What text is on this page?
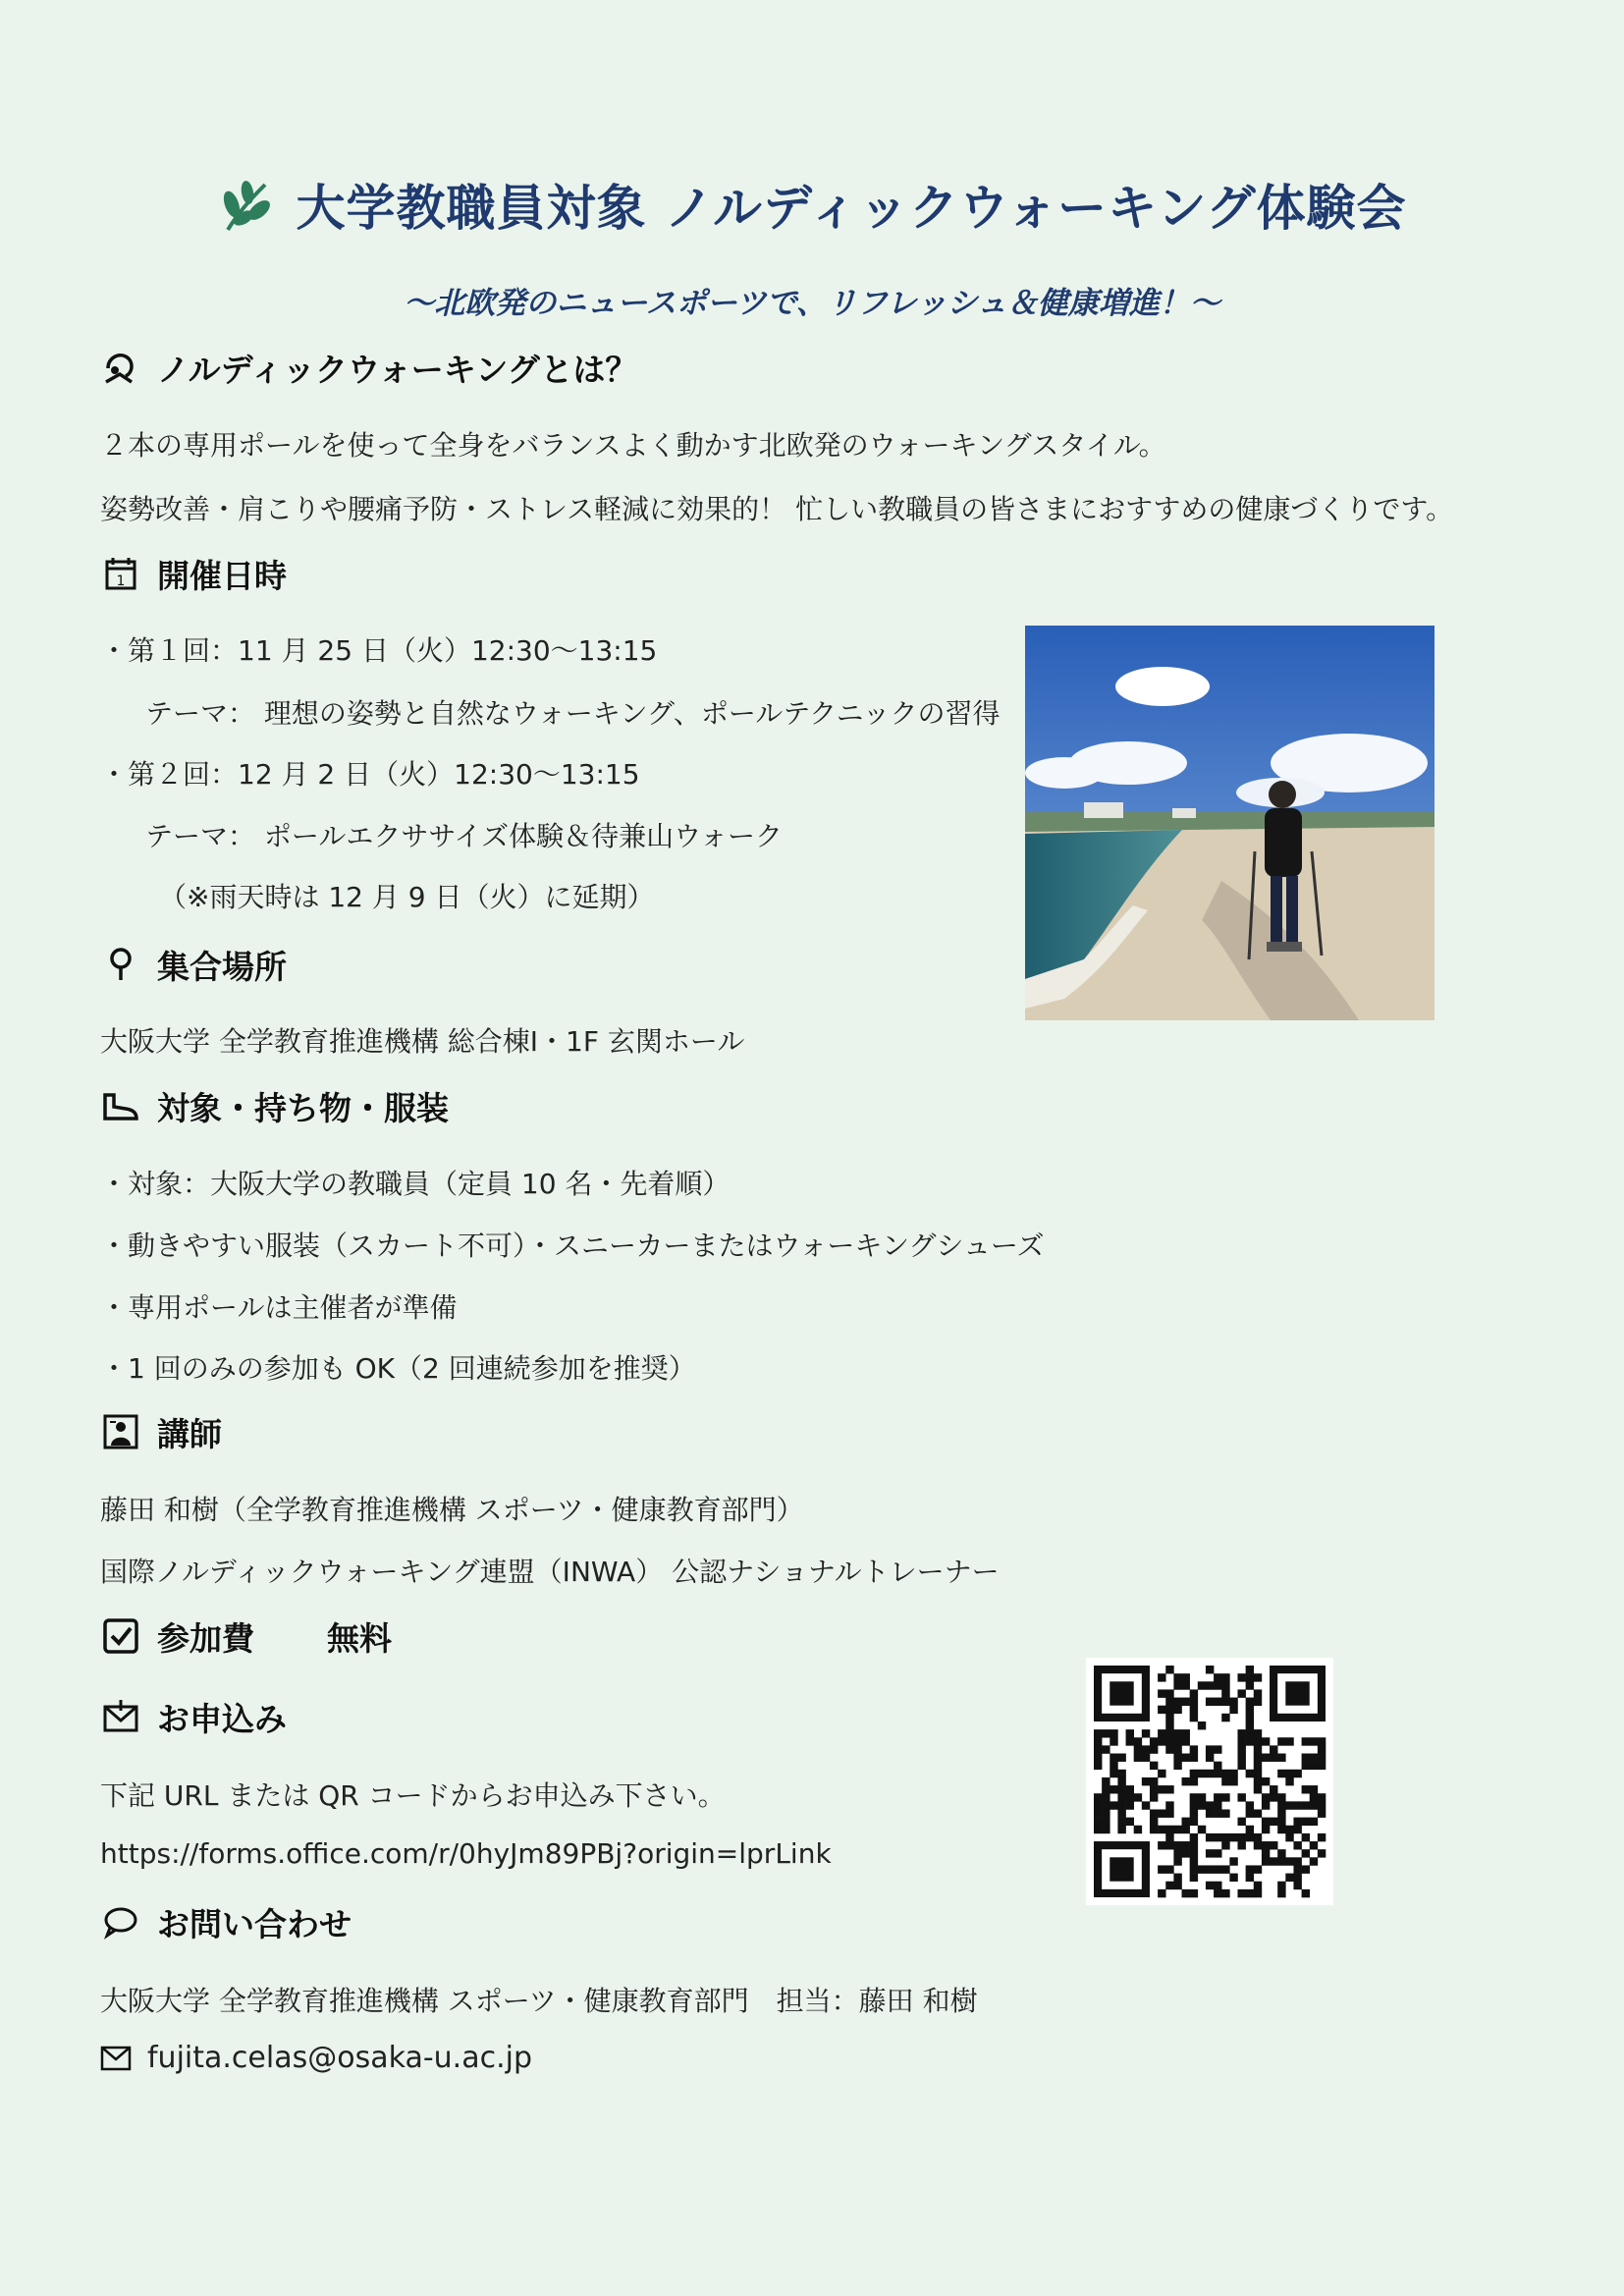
大学教職員対象 ノルディックウォーキング体験会
〜北欧発のニュースポーツで、リフレッシュ＆健康増進！〜
ノルディックウォーキングとは？
２本の専用ポールを使って全身をバランスよく動かす北欧発のウォーキングスタイル。
姿勢改善・肩こりや腰痛予防・ストレス軽減に効果的！ 忙しい教職員の皆さまにおすすめの健康づくりです。
1 開催日時
・第１回：11 月 25 日（火）12:30〜13:15
テーマ： 理想の姿勢と自然なウォーキング、ポールテクニックの習得
・第２回：12 月 2 日（火）12:30〜13:15
テーマ： ポールエクササイズ体験＆待兼山ウォーク
（※雨天時は 12 月 9 日（火）に延期）
集合場所
大阪大学 全学教育推進機構 総合棟Ⅰ・1F 玄関ホール
対象・持ち物・服装
・対象：大阪大学の教職員（定員 10 名・先着順）
・動きやすい服装（スカート不可）・スニーカーまたはウォーキングシューズ
・専用ポールは主催者が準備
・1 回のみの参加も OK（2 回連続参加を推奨）
講師
藤田 和樹（全学教育推進機構 スポーツ・健康教育部門）
国際ノルディックウォーキング連盟（INWA） 公認ナショナルトレーナー
参加費 無料
お申込み
下記 URL または QR コードからお申込み下さい。
https://forms.office.com/r/0hyJm89PBj?origin=lprLink
お問い合わせ
大阪大学 全学教育推進機構 スポーツ・健康教育部門　担当：藤田 和樹
fujita.celas@osaka-u.ac.jp
